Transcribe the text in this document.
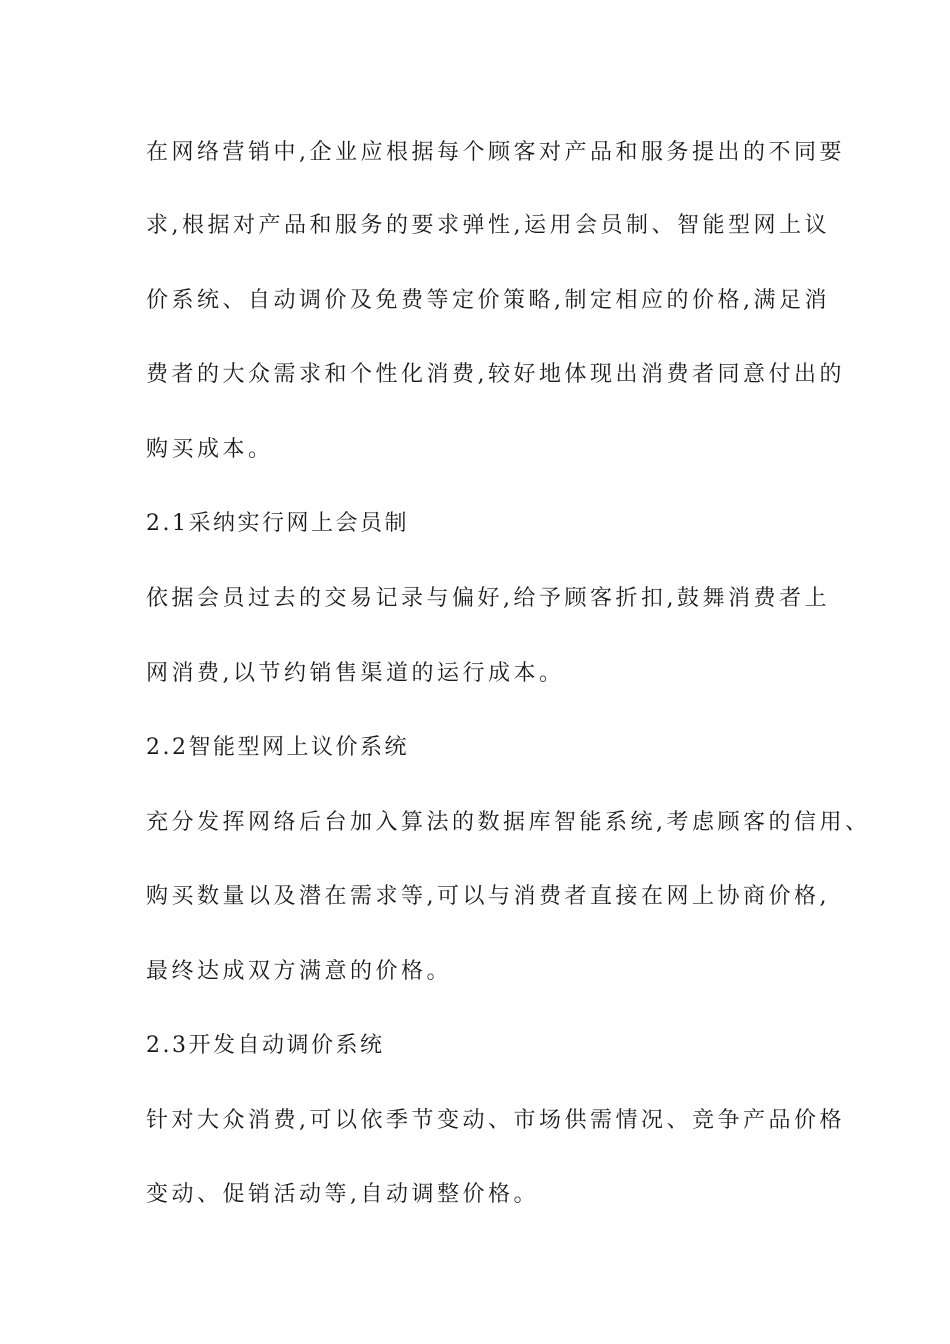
在网络营销中,企业应根据每个顾客对产品和服务提出的不同要
求,根据对产品和服务的要求弹性,运用会员制、智能型网上议
价系统、自动调价及免费等定价策略,制定相应的价格,满足消
费者的大众需求和个性化消费,较好地体现出消费者同意付出的
购买成本。
2.1采纳实行网上会员制
依据会员过去的交易记录与偏好,给予顾客折扣,鼓舞消费者上
网消费,以节约销售渠道的运行成本。
2.2智能型网上议价系统
充分发挥网络后台加入算法的数据库智能系统,考虑顾客的信用、
购买数量以及潜在需求等,可以与消费者直接在网上协商价格,
最终达成双方满意的价格。
2.3开发自动调价系统
针对大众消费,可以依季节变动、市场供需情况、竞争产品价格
变动、促销活动等,自动调整价格。
